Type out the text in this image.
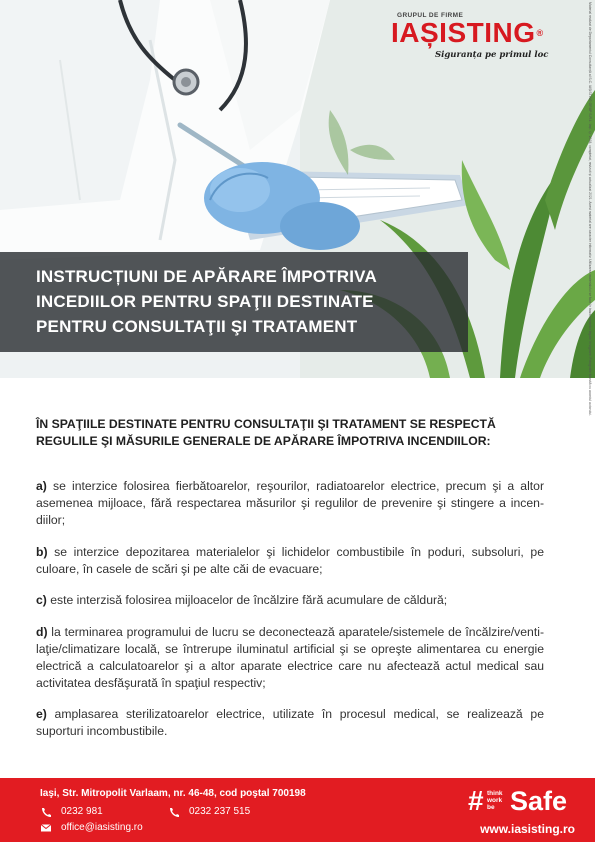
GRUPUL DE FIRME
IAȘISTING®
Siguranța pe primul loc
INSTRUCȚIUNI DE APĂRARE ÎMPOTRIVA
INCEDIILOR PENTRU SPAŢII DESTINATE
PENTRU CONSULTAŢII ŞI TRATAMENT	Material realizat de Departamentul Consultanță al S.C. IAȘISTING GRUP S.R.L. Iași. © 2018, completat, revizuit și actualizat 2021. Acest material are caracter informativ. Utilizarea materialului se face în baza normelor legale în vigoare. Fotografie folosită cu acordul autorului.

ÎN SPAŢIILE DESTINATE PENTRU CONSULTAŢII ŞI TRATAMENT SE RESPECTĂ REGULILE ŞI MĂSURILE GENERALE DE APĂRARE ÎMPOTRIVA INCENDIILOR:

a) se interzice folosirea fierbătoarelor, reşourilor, radiatoarelor electrice, precum şi a altor asemenea mijloace, fără respectarea măsurilor şi regulilor de prevenire şi stingere a incendiilor;

b) se interzice depozitarea materialelor şi lichidelor combustibile în poduri, subsoluri, pe culoare, în casele de scări şi pe alte căi de evacuare;

c) este interzisă folosirea mijloacelor de încălzire fără acumulare de căldură;

d) la terminarea programului de lucru se deconectează aparatele/sistemele de încălzire/ventilaţie/climatizare locală, se întrerupe iluminatul artificial şi se opreşte alimentarea cu energie electrică a calculatoarelor şi a altor aparate electrice care nu afectează actul medical sau activitatea desfăşurată în spaţiul respectiv;

e) amplasarea sterilizatoarelor electrice, utilizate în procesul medical, se realizează pe suporturi incombustibile.

Iaşi, Str. Mitropolit Varlaam, nr. 46-48, cod poştal 700198
0232 981	0232 237 515
office@iasisting.ro
# think
work
be Safe
www.iasisting.ro
